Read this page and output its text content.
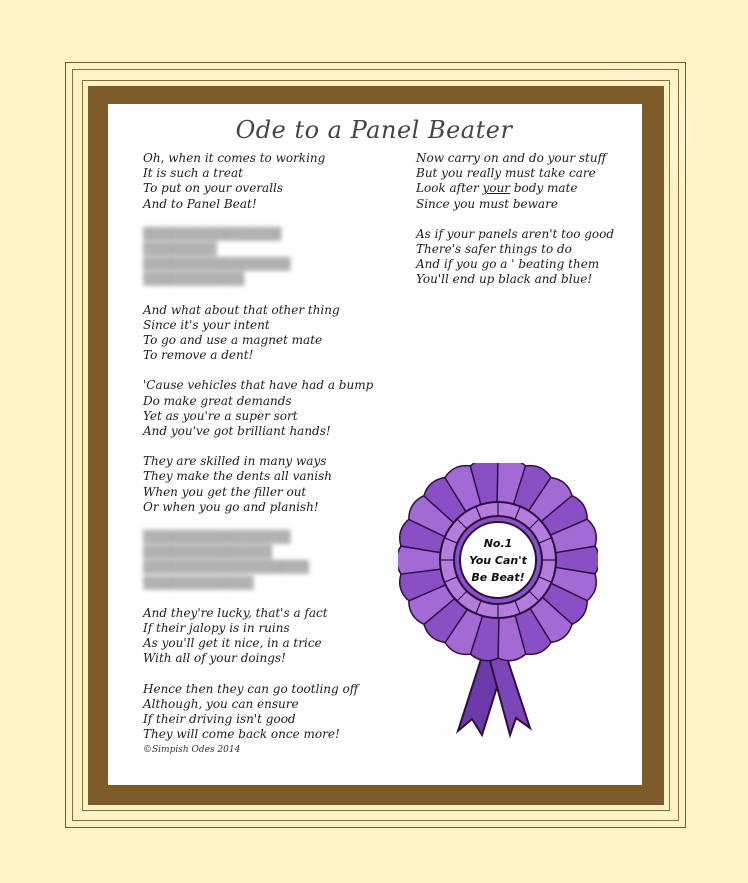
Ode to a Panel Beater
Oh, when it comes to working
It is such a treat
To put on your overalls
And to Panel Beat!
▒▒▒▒▒▒▒▒▒▒▒▒▒▒▒
▒▒▒▒▒▒▒▒
▒▒▒▒▒▒▒▒▒▒▒▒▒▒▒▒
▒▒▒▒▒▒▒▒▒▒▒
And what about that other thing
Since it's your intent
To go and use a magnet mate
To remove a dent!
'Cause vehicles that have had a bump
Do make great demands
Yet as you're a super sort
And you've got brilliant hands!
They are skilled in many ways
They make the dents all vanish
When you get the filler out
Or when you go and planish!
▒▒▒▒▒▒▒▒▒▒▒▒▒▒▒▒
▒▒▒▒▒▒▒▒▒▒▒▒▒▒
▒▒▒▒▒▒▒▒▒▒▒▒▒▒▒▒▒▒
▒▒▒▒▒▒▒▒▒▒▒▒
And they're lucky, that's a fact
If their jalopy is in ruins
As you'll get it nice, in a trice
With all of your doings!
Hence then they can go tootling off
Although, you can ensure
If their driving isn't good
They will come back once more!
Now carry on and do your stuff
But you really must take care
Look after your body mate
Since you must beware
As if your panels aren't too good
There's safer things to do
And if you go a ' beating them
You'll end up black and blue!
©Simpish Odes 2014
No.1
You Can't
Be Beat!
